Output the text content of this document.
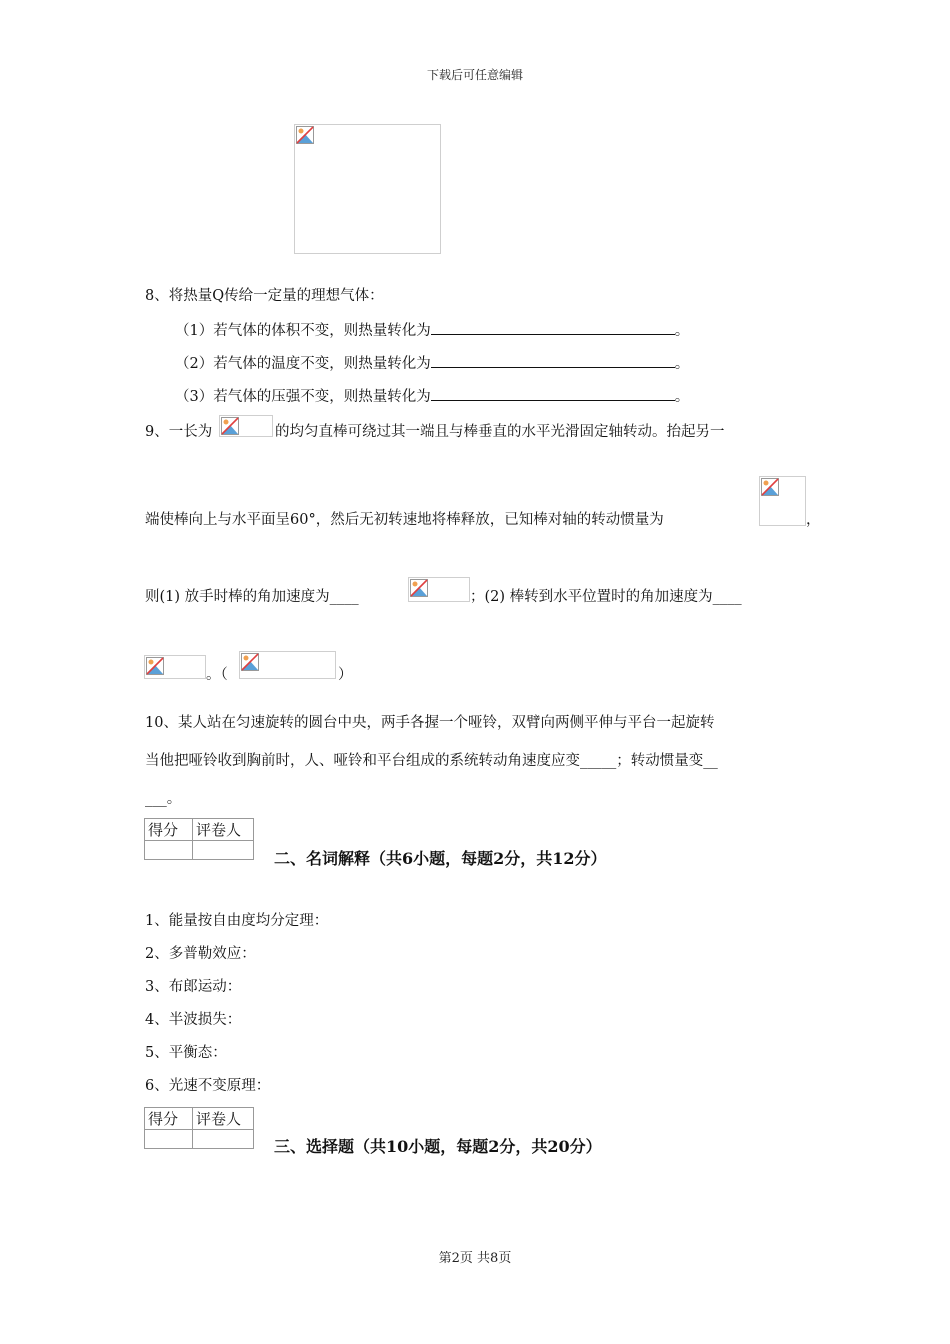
下载后可任意编辑
8、将热量Q传给一定量的理想气体：
（1）若气体的体积不变，则热量转化为	。
（2）若气体的温度不变，则热量转化为	。
（3）若气体的压强不变，则热量转化为	。
9、一长为	的均匀直棒可绕过其一端且与棒垂直的水平光滑固定轴转动。抬起另一
端使棒向上与水平面呈60°，然后无初转速地将棒释放，已知棒对轴的转动惯量为	，
则(1) 放手时棒的角加速度为____	；(2) 棒转到水平位置时的角加速度为____
。（	）
10、某人站在匀速旋转的圆台中央，两手各握一个哑铃，双臂向两侧平伸与平台一起旋转
当他把哑铃收到胸前时，人、哑铃和平台组成的系统转动角速度应变_____；转动惯量变__
___。
得分	评卷人

二、名词解释（共6小题，每题2分，共12分）
1、能量按自由度均分定理：
2、多普勒效应：
3、布郎运动：
4、半波损失：
5、平衡态：
6、光速不变原理：
得分	评卷人

三、选择题（共10小题，每题2分，共20分）
第2页 共8页
